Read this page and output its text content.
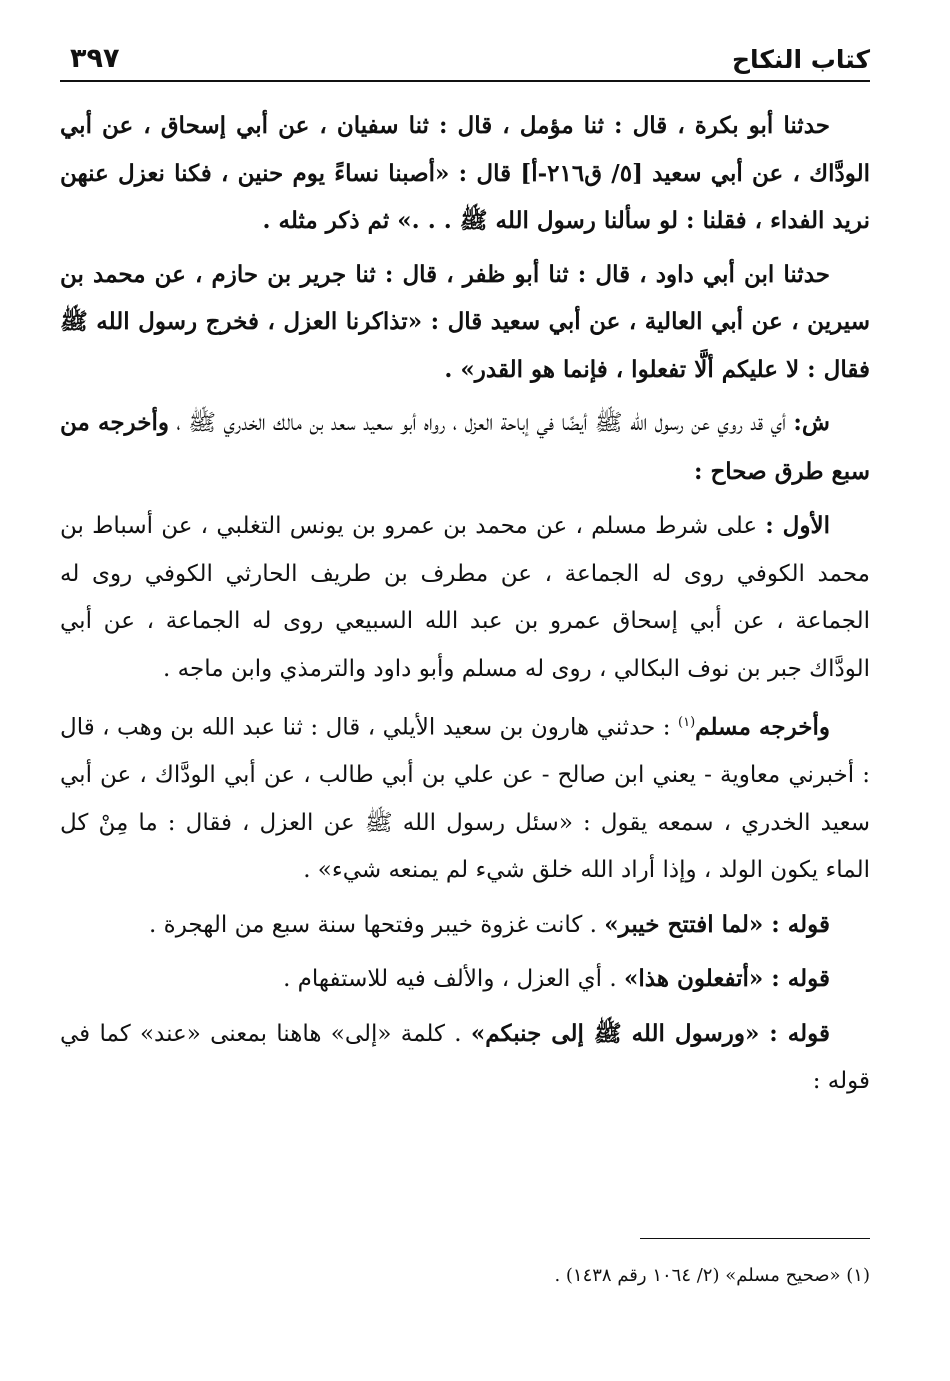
كتاب النكاح
٣٩٧

حدثنا أبو بكرة ، قال : ثنا مؤمل ، قال : ثنا سفيان ، عن أبي إسحاق ، عن أبي الودَّاك ، عن أبي سعيد [٥/ ق٢١٦-أ] قال : «أصبنا نساءً يوم حنين ، فكنا نعزل عنهن نريد الفداء ، فقلنا : لو سألنا رسول الله ﷺ . . .» ثم ذكر مثله .

حدثنا ابن أبي داود ، قال : ثنا أبو ظفر ، قال : ثنا جرير بن حازم ، عن محمد بن سيرين ، عن أبي العالية ، عن أبي سعيد قال : «تذاكرنا العزل ، فخرج رسول الله ﷺ فقال : لا عليكم ألَّا تفعلوا ، فإنما هو القدر» .

ش: أي قد روي عن رسول الله ﷺ أيضًا في إباحة العزل ، رواه أبو سعيد سعد بن مالك الخدري ﷺ ، وأخرجه من سبع طرق صحاح :

الأول : على شرط مسلم ، عن محمد بن عمرو بن يونس التغلبي ، عن أسباط بن محمد الكوفي روى له الجماعة ، عن مطرف بن طريف الحارثي الكوفي روى له الجماعة ، عن أبي إسحاق عمرو بن عبد الله السبيعي روى له الجماعة ، عن أبي الودَّاك جبر بن نوف البكالي ، روى له مسلم وأبو داود والترمذي وابن ماجه .

وأخرجه مسلم$^{(١)}$ : حدثني هارون بن سعيد الأيلي ، قال : ثنا عبد الله بن وهب ، قال : أخبرني معاوية - يعني ابن صالح - عن علي بن أبي طالب ، عن أبي الودَّاك ، عن أبي سعيد الخدري ، سمعه يقول : «سئل رسول الله ﷺ عن العزل ، فقال : ما مِنْ كل الماء يكون الولد ، وإذا أراد الله خلق شيء لم يمنعه شيء» .

قوله : «لما افتتح خيبر» . كانت غزوة خيبر وفتحها سنة سبع من الهجرة .

قوله : «أتفعلون هذا» . أي العزل ، والألف فيه للاستفهام .

قوله : «ورسول الله ﷺ إلى جنبكم» . كلمة «إلى» هاهنا بمعنى «عند» كما في قوله :

(١) «صحيح مسلم» (٢/ ١٠٦٤ رقم ١٤٣٨) .
